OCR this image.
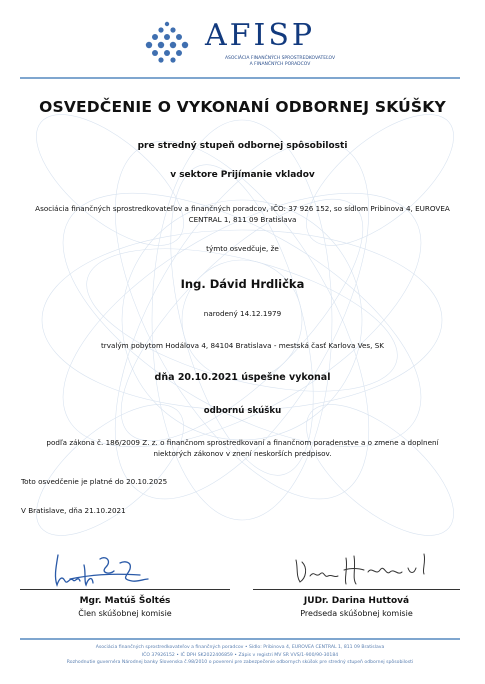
AFISP
ASOCIÁCIA FINANČNÝCH SPROSTREDKOVATEĽOV
A FINANČNÝCH PORADCOV
OSVEDČENIE O VYKONANÍ ODBORNEJ SKÚŠKY
pre stredný stupeň odbornej spôsobilosti
v sektore Prijímanie vkladov
Asociácia finančných sprostredkovateľov a finančných poradcov, IČO: 37 926 152, so sídlom Pribinova 4, EUROVEA
CENTRAL 1, 811 09 Bratislava
týmto osvedčuje, že
Ing. Dávid Hrdlička
narodený 14.12.1979
trvalým pobytom Hodálova 4, 84104 Bratislava - mestská časť Karlova Ves, SK
dňa 20.10.2021 úspešne vykonal
odbornú skúšku
podľa zákona č. 186/2009 Z. z. o finančnom sprostredkovaní a finančnom poradenstve a o zmene a doplnení
niektorých zákonov v znení neskorších predpisov.
Toto osvedčenie je platné do 20.10.2025
V Bratislave, dňa 21.10.2021
Mgr. Matúš Šoltés
Člen skúšobnej komisie
JUDr. Darina Huttová
Predseda skúšobnej komisie
Asociácia finančných sprostredkovateľov a finančných poradcov • Sídlo: Pribinova 4, EUROVEA CENTRAL 1, 811 09 Bratislava
IČO 37926152 • IČ DPH SK2022406859 • Zápis v registri MV SR VVS/1-900/90-30184
Rozhodnutie guvernéra Národnej banky Slovenska č.98/2010 o poverení pre zabezpečenie odbornych skúšok pre stredný stupeň odbornej spôsobilosti
